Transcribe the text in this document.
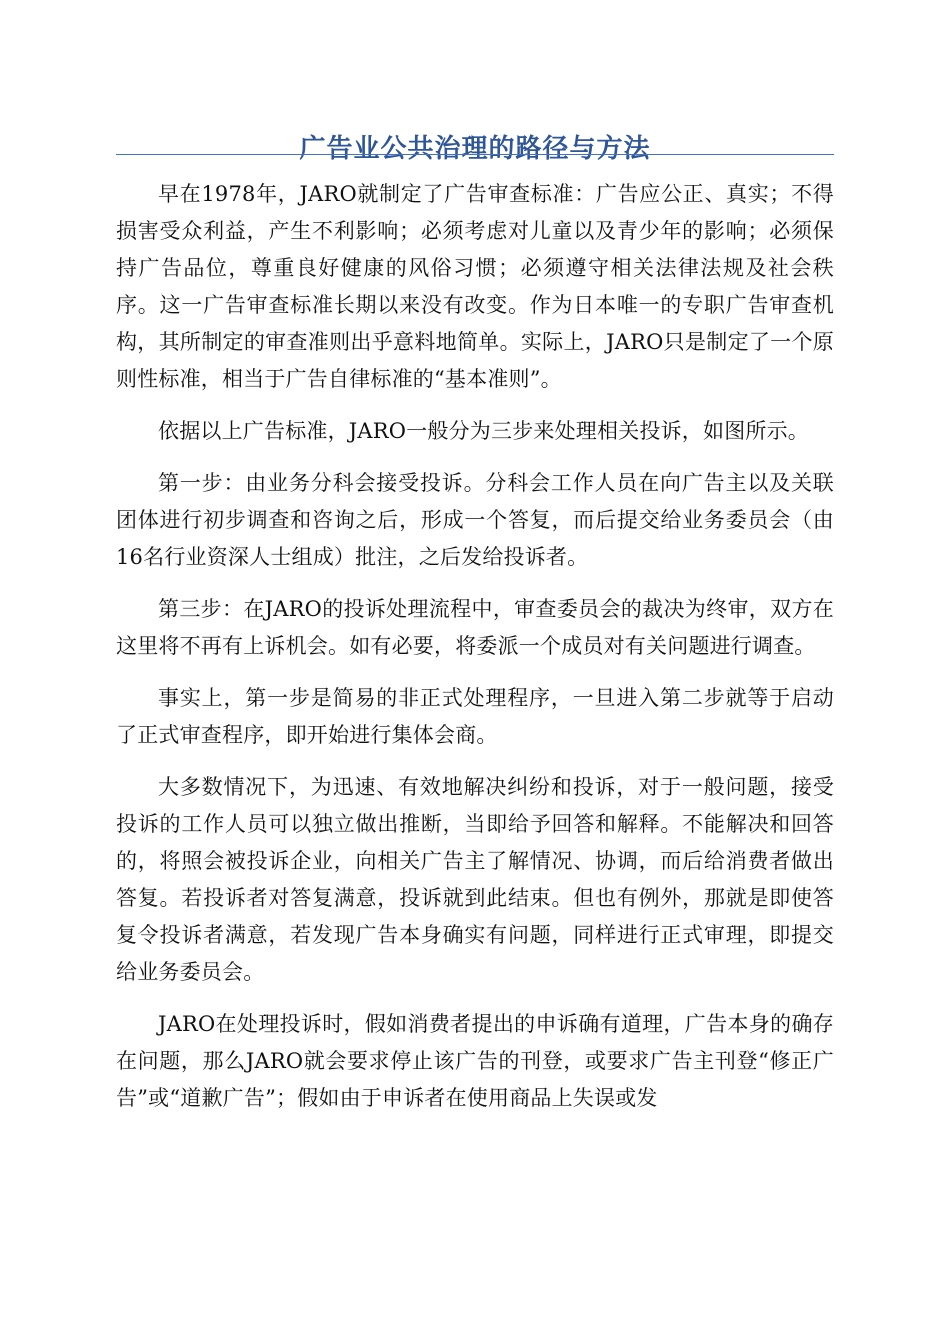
广告业公共治理的路径与方法

早在1978年，JARO就制定了广告审查标准：广告应公正、真实；不得损害受众利益，产生不利影响；必须考虑对儿童以及青少年的影响；必须保持广告品位，尊重良好健康的风俗习惯；必须遵守相关法律法规及社会秩序。这一广告审查标准长期以来没有改变。作为日本唯一的专职广告审查机构，其所制定的审查准则出乎意料地简单。实际上，JARO只是制定了一个原则性标准，相当于广告自律标准的“基本准则”。

依据以上广告标准，JARO一般分为三步来处理相关投诉，如图所示。

第一步：由业务分科会接受投诉。分科会工作人员在向广告主以及关联团体进行初步调查和咨询之后，形成一个答复，而后提交给业务委员会（由16名行业资深人士组成）批注，之后发给投诉者。

第三步：在JARO的投诉处理流程中，审查委员会的裁决为终审，双方在这里将不再有上诉机会。如有必要，将委派一个成员对有关问题进行调查。

事实上，第一步是简易的非正式处理程序，一旦进入第二步就等于启动了正式审查程序，即开始进行集体会商。

大多数情况下，为迅速、有效地解决纠纷和投诉，对于一般问题，接受投诉的工作人员可以独立做出推断，当即给予回答和解释。不能解决和回答的，将照会被投诉企业，向相关广告主了解情况、协调，而后给消费者做出答复。若投诉者对答复满意，投诉就到此结束。但也有例外，那就是即使答复令投诉者满意，若发现广告本身确实有问题，同样进行正式审理，即提交给业务委员会。

JARO在处理投诉时，假如消费者提出的申诉确有道理，广告本身的确存在问题，那么JARO就会要求停止该广告的刊登，或要求广告主刊登“修正广告”或“道歉广告”；假如由于申诉者在使用商品上失误或发
